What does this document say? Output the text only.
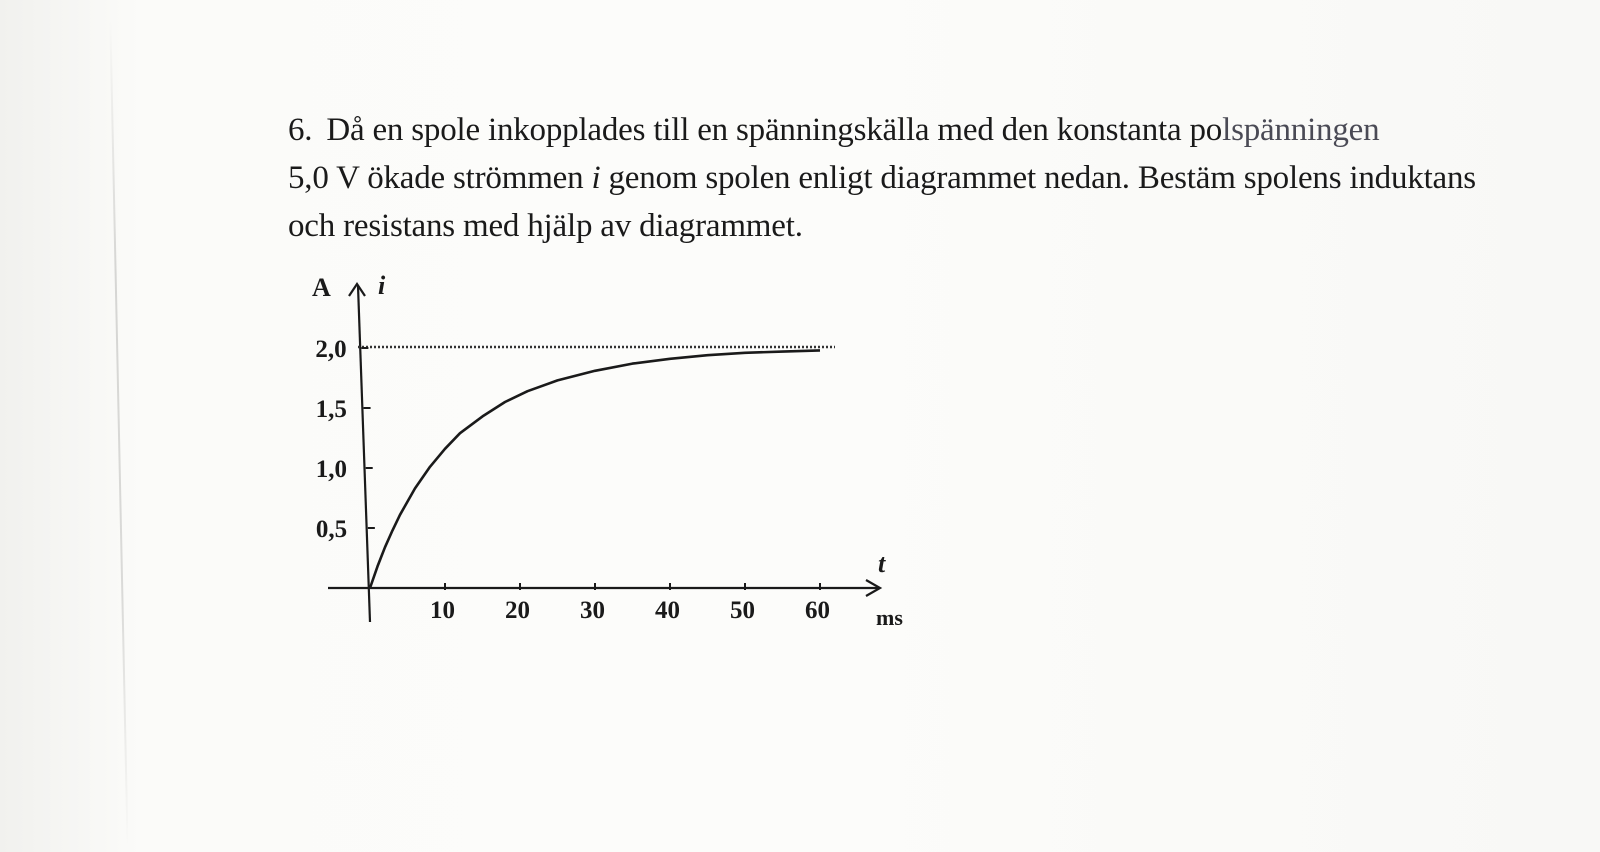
6. Då en spole inkopplades till en spänningskälla med den konstanta polspänningen
5,0 V ökade strömmen i genom spolen enligt diagrammet nedan. Bestäm spolens induktans
och resistans med hjälp av diagrammet.
10 20 30 40 50 60
0,5
1,0
1,5
2,0
A i
t
ms
